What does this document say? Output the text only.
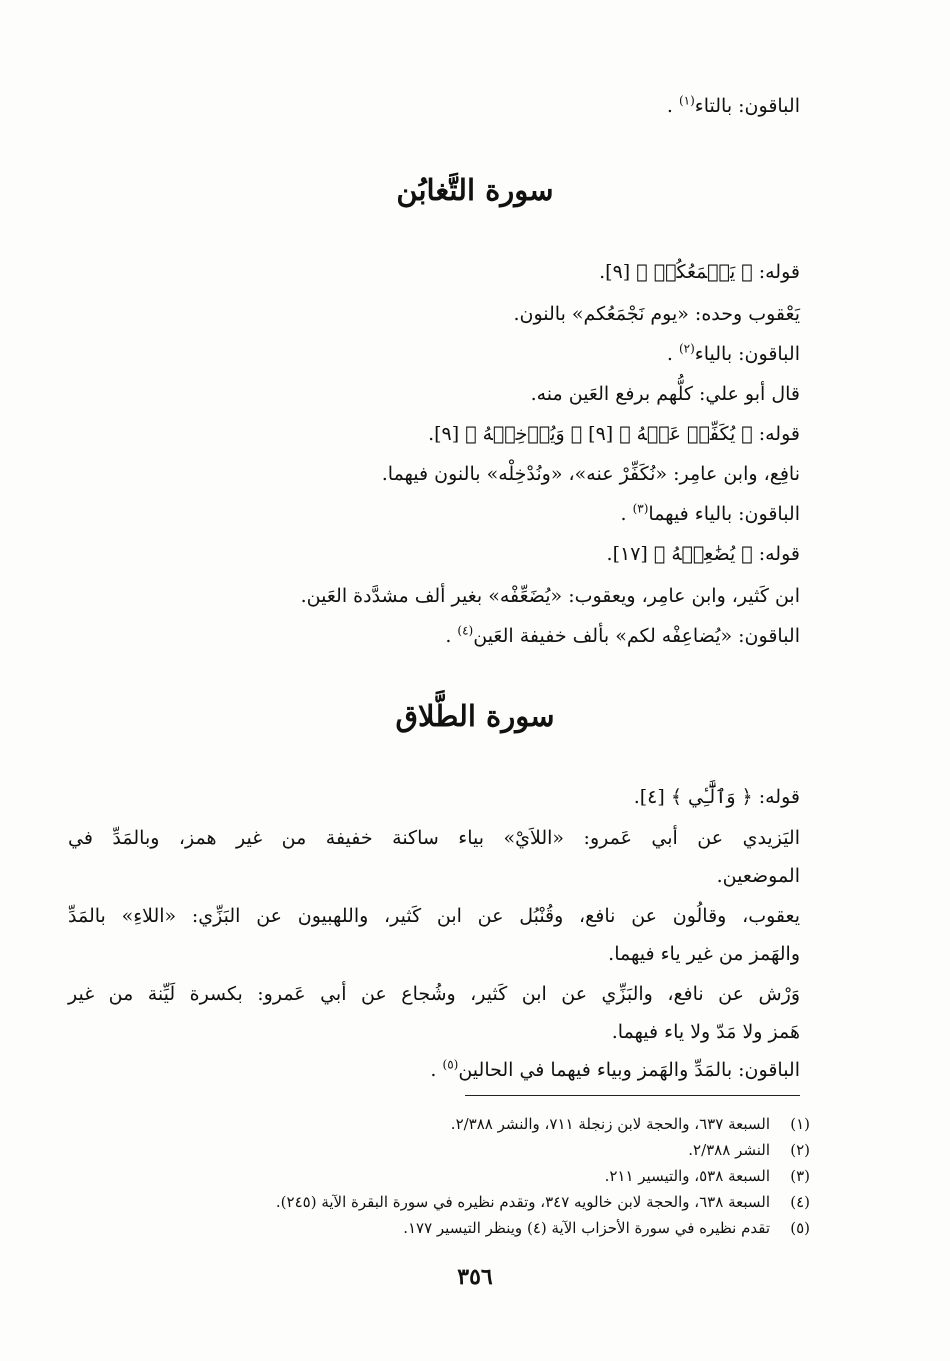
الباقون: بالتاء$^{(١)}$ .
سورة التَّغابُن
قوله: ﴿ يَجۡمَعُكُمۡ ﴾ [٩].
يَعْقوب وحده: «يوم نَجْمَعُكم» بالنون.
الباقون: بالياء$^{(٢)}$ .
قال أبو علي: كلُّهم برفع العَين منه.
قوله: ﴿ يُكَفِّرۡ عَنۡهُ ﴾ [٩] ﴿ وَيُدۡخِلۡهُ ﴾ [٩].
نافِع، وابن عامِر: «نُكَفِّرْ عنه»، «ونُدْخِلْه» بالنون فيهما.
الباقون: بالياء فيهما$^{(٣)}$ .
قوله: ﴿ يُضَٰعِفۡهُ ﴾ [١٧].
ابن كَثير، وابن عامِر، ويعقوب: «يُضَعِّفْه» بغير ألف مشدَّدة العَين.
الباقون: «يُضاعِفْه لكم» بألف خفيفة العَين$^{(٤)}$ .
سورة الطَّلاق
قوله: ﴿ وَٱلَّٰٓـِٔي ﴾ [٤].
اليَزيدي عن أبي عَمرو: «اللاَيْ» بياء ساكنة خفيفة من غير همز، وبالمَدِّ في
الموضعين.
يعقوب، وقالُون عن نافع، وقُنْبُل عن ابن كَثير، واللهبيون عن البَزِّي: «اللاءِ» بالمَدِّ
والهَمز من غير ياء فيهما.
وَرْش عن نافع، والبَزِّي عن ابن كَثير، وشُجاع عن أبي عَمرو: بكسرة لَيِّنة من غير
هَمز ولا مَدّ ولا ياء فيهما.
الباقون: بالمَدِّ والهَمز وبياء فيهما في الحالين$^{(٥)}$ .
(١)السبعة ٦٣٧، والحجة لابن زنجلة ٧١١، والنشر ٢/٣٨٨.
(٢)النشر ٢/٣٨٨.
(٣)السبعة ٥٣٨، والتيسير ٢١١.
(٤)السبعة ٦٣٨، والحجة لابن خالويه ٣٤٧، وتقدم نظيره في سورة البقرة الآية (٢٤٥).
(٥)تقدم نظيره في سورة الأحزاب الآية (٤) وينظر التيسير ١٧٧.
٣٥٦
